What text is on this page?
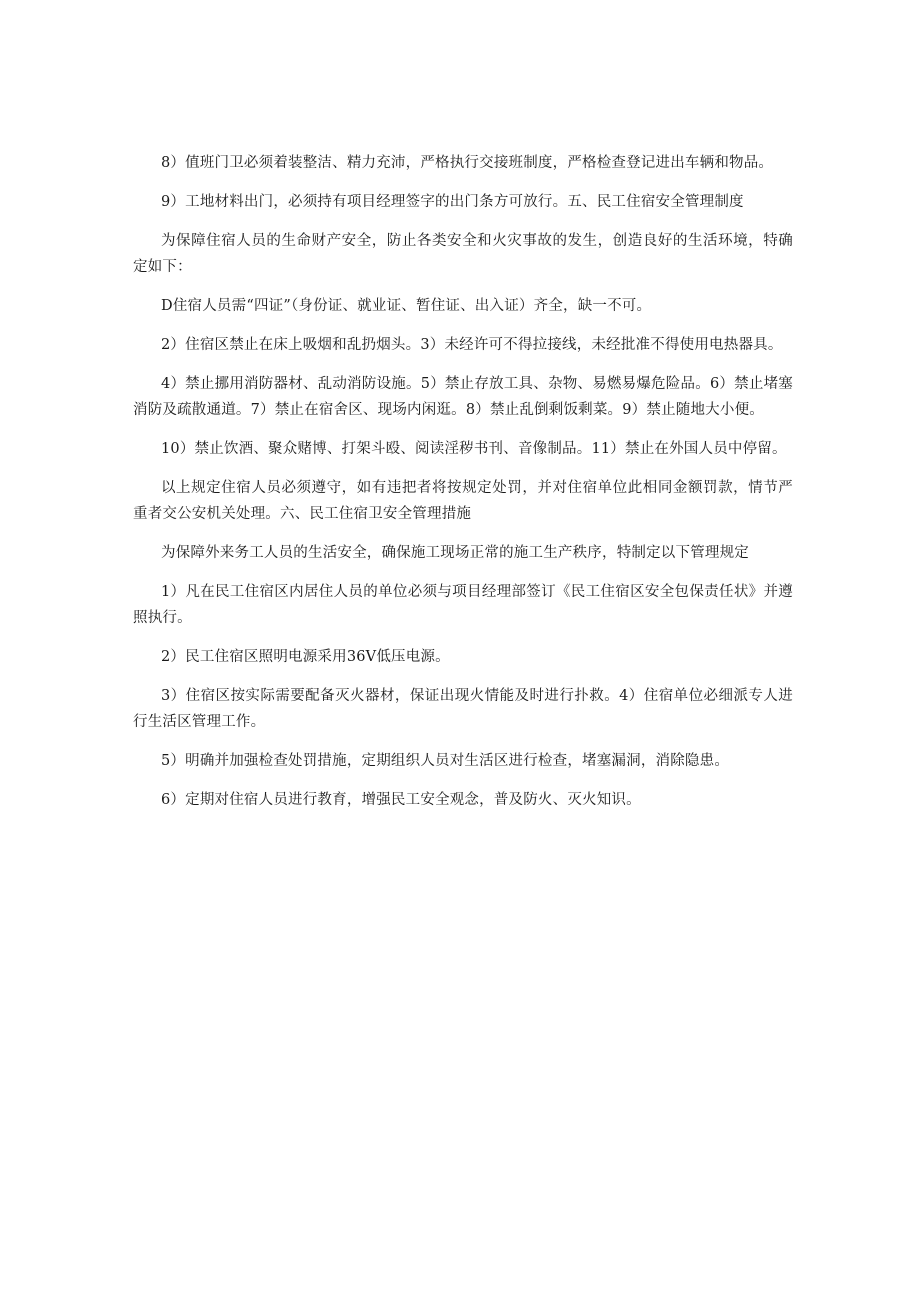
8）值班门卫必须着装整洁、精力充沛，严格执行交接班制度，严格检查登记进出车辆和物品。

9）工地材料出门，必须持有项目经理签字的出门条方可放行。五、民工住宿安全管理制度

为保障住宿人员的生命财产安全，防止各类安全和火灾事故的发生，创造良好的生活环境，特确定如下：

D住宿人员需“四证”（身份证、就业证、暂住证、出入证）齐全，缺一不可。

2）住宿区禁止在床上吸烟和乱扔烟头。3）未经许可不得拉接线，未经批准不得使用电热器具。

4）禁止挪用消防器材、乱动消防设施。5）禁止存放工具、杂物、易燃易爆危险品。6）禁止堵塞消防及疏散通道。7）禁止在宿舍区、现场内闲逛。8）禁止乱倒剩饭剩菜。9）禁止随地大小便。

10）禁止饮酒、聚众赌博、打架斗殴、阅读淫秽书刊、音像制品。11）禁止在外国人员中停留。

以上规定住宿人员必须遵守，如有违把者将按规定处罚，并对住宿单位此相同金额罚款，情节严重者交公安机关处理。六、民工住宿卫安全管理措施

为保障外来务工人员的生活安全，确保施工现场正常的施工生产秩序，特制定以下管理规定

1）凡在民工住宿区内居住人员的单位必须与项目经理部签订《民工住宿区安全包保责任状》并遵照执行。

2）民工住宿区照明电源采用36V低压电源。

3）住宿区按实际需要配备灭火器材，保证出现火情能及时进行扑救。4）住宿单位必细派专人进行生活区管理工作。

5）明确并加强检查处罚措施，定期组织人员对生活区进行检查，堵塞漏洞，消除隐患。

6）定期对住宿人员进行教育，增强民工安全观念，普及防火、灭火知识。
